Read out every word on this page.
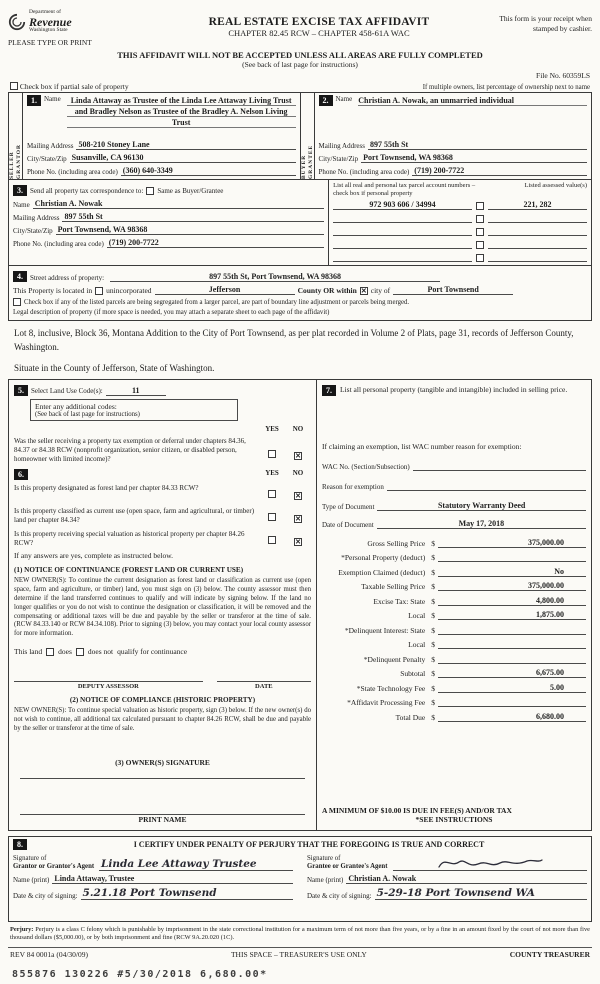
Department of
Revenue
Washington State
PLEASE TYPE OR PRINT
REAL ESTATE EXCISE TAX AFFIDAVIT
CHAPTER 82.45 RCW – CHAPTER 458-61A WAC
This form is your receipt when stamped by cashier.
THIS AFFIDAVIT WILL NOT BE ACCEPTED UNLESS ALL AREAS ARE FULLY COMPLETED
(See back of last page for instructions)
File No. 60359LS
Check box if partial sale of property	If multiple owners, list percentage of ownership next to name
SELLER GRANTOR
1.	Name	Linda Attaway as Trustee of the Linda Lee Attaway Living Trust and Bradley Nelson as Trustee of the Bradley A. Nelson Living Trust
Mailing Address 508-210 Stoney Lane
City/State/Zip Susanville, CA 96130
Phone No. (including area code) (360) 640-3349	BUYER GRANTEE
2.	Name Christian A. Nowak, an unmarried individual
Mailing Address 897 55th St
City/State/Zip Port Townsend, WA 98368
Phone No. (including area code) (719) 200-7722
3.	Send all property tax correspondence to:	Same as Buyer/Grantee
Name Christian A. Nowak
Mailing Address 897 55th St
City/State/Zip Port Townsend, WA 98368
Phone No. (including area code) (719) 200-7722
List all real and personal tax parcel account numbers – check box if personal property
Listed assessed value(s)
972 903 606 / 34994	221, 282
4.	Street address of property:	897 55th St, Port Townsend, WA 98368
This Property is located in unincorporated	Jefferson	County OR within ✕ city of	Port Townsend
Check box if any of the listed parcels are being segregated from a larger parcel, are part of boundary line adjustment or parcels being merged.
Legal description of property (if more space is needed, you may attach a separate sheet to each page of the affidavit)
Lot 8, inclusive, Block 36, Montana Addition to the City of Port Townsend, as per plat recorded in Volume 2 of Plats, page 31, records of Jefferson County, Washington.
Situate in the County of Jefferson, State of Washington.
5.	Select Land Use Code(s):	11
Enter any additional codes:
(See back of last page for instructions)
YES	NO
Was the seller receiving a property tax exemption or deferral under chapters 84.36, 84.37 or 84.38 RCW (nonprofit organization, senior citizen, or disabled person, homeowner with limited income)?	✕
6.	YES	NO
Is this property designated as forest land per chapter 84.33 RCW?
✕
Is this property classified as current use (open space, farm and agricultural, or timber) land per chapter 84.34?	✕
Is this property receiving special valuation as historical property per chapter 84.26 RCW?	✕
If any answers are yes, complete as instructed below.
(1) NOTICE OF CONTINUANCE (FOREST LAND OR CURRENT USE)
NEW OWNER(S): To continue the current designation as forest land or classification as current use (open space, farm and agriculture, or timber) land, you must sign on (3) below. The county assessor must then determine if the land transferred continues to qualify and will indicate by signing below. If the land no longer qualifies or you do not wish to continue the designation or classification, it will be removed and the compensating or additional taxes will be due and payable by the seller or transferor at the time of sale. (RCW 84.33.140 or RCW 84.34.108). Prior to signing (3) below, you may contact your local county assessor for more information.
This land does does not qualify for continuance
DEPUTY ASSESSOR	DATE
(2) NOTICE OF COMPLIANCE (HISTORIC PROPERTY)
NEW OWNER(S): To continue special valuation as historic property, sign (3) below. If the new owner(s) do not wish to continue, all additional tax calculated pursuant to chapter 84.26 RCW, shall be due and payable by the seller or transferor at the time of sale.
(3) OWNER(S) SIGNATURE
PRINT NAME
7.	List all personal property (tangible and intangible) included in selling price.
If claiming an exemption, list WAC number reason for exemption:
WAC No. (Section/Subsection)
Reason for exemption
Type of Document	Statutory Warranty Deed
Date of Document	May 17, 2018
Gross Selling Price $	375,000.00
*Personal Property (deduct) $
Exemption Claimed (deduct) $	No
Taxable Selling Price $	375,000.00
Excise Tax: State $	4,800.00
Local $	1,875.00
*Delinquent Interest: State $
Local $
*Delinquent Penalty $
Subtotal $	6,675.00
*State Technology Fee $	5.00
*Affidavit Processing Fee $
Total Due $	6,680.00
A MINIMUM OF $10.00 IS DUE IN FEE(S) AND/OR TAX
*SEE INSTRUCTIONS
8.	I CERTIFY UNDER PENALTY OF PERJURY THAT THE FOREGOING IS TRUE AND CORRECT
Signature of
Grantor or Grantor's Agent Linda Lee Attaway Trustee
Name (print) Linda Attaway, Trustee
Date & city of signing: 5.21.18 Port Townsend
Signature of
Grantee or Grantee's Agent
Name (print) Christian A. Nowak
Date & city of signing: 5-29-18 Port Townsend WA
Perjury: Perjury is a class C felony which is punishable by imprisonment in the state correctional institution for a maximum term of not more than five years, or by a fine in an amount fixed by the court of not more than five thousand dollars ($5,000.00), or by both imprisonment and fine (RCW 9A.20.020 (1C).
REV 84 0001a (04/30/09)	THIS SPACE – TREASURER'S USE ONLY	COUNTY TREASURER
855876 130226 #5/30/2018 6,680.00*
